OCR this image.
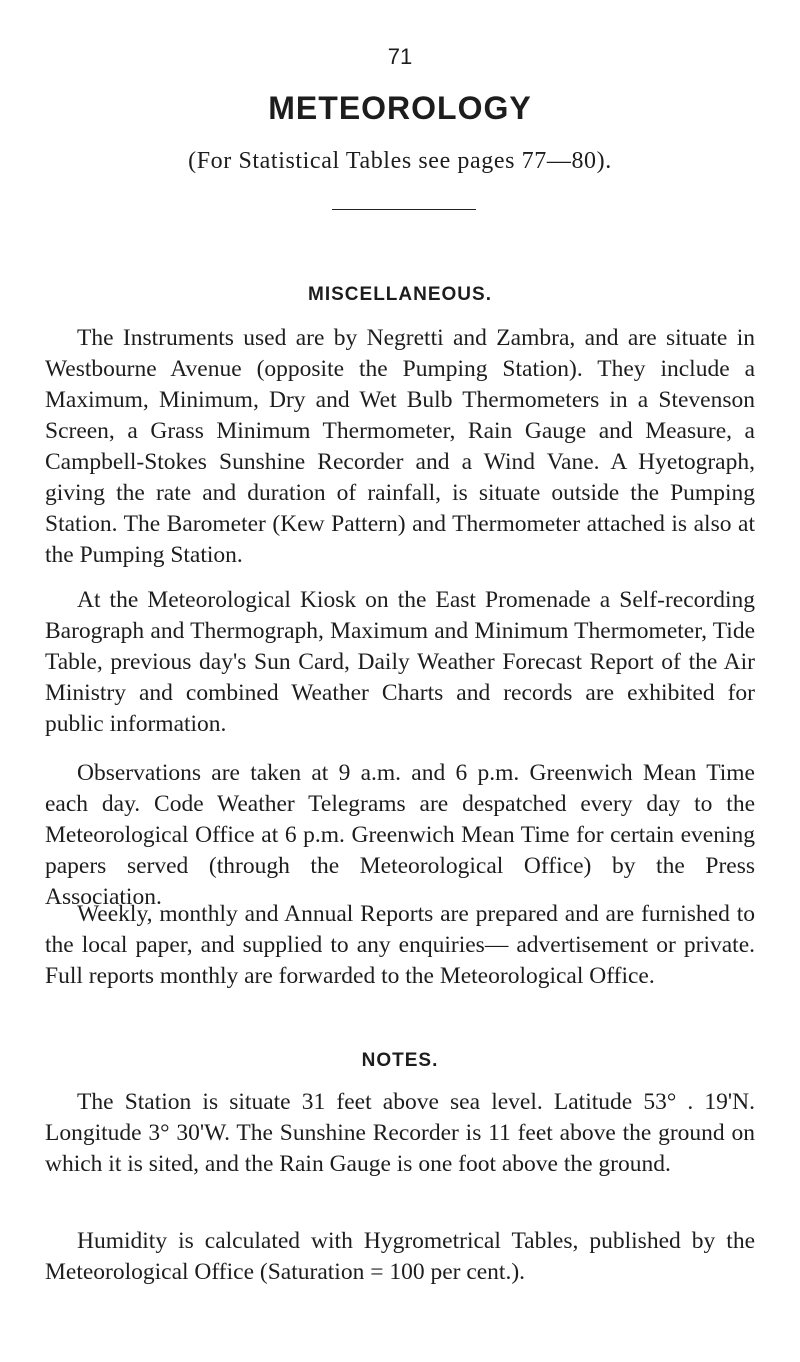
71
METEOROLOGY
(For Statistical Tables see pages 77—80).
MISCELLANEOUS.

The Instruments used are by Negretti and Zambra, and are situate in Westbourne Avenue (opposite the Pumping Station). They include a Maximum, Minimum, Dry and Wet Bulb Thermometers in a Stevenson Screen, a Grass Minimum Thermometer, Rain Gauge and Measure, a Campbell-Stokes Sunshine Recorder and a Wind Vane. A Hyetograph, giving the rate and duration of rainfall, is situate outside the Pumping Station. The Barometer (Kew Pattern) and Thermometer attached is also at the Pumping Station.

At the Meteorological Kiosk on the East Promenade a Self-recording Barograph and Thermograph, Maximum and Minimum Thermometer, Tide Table, previous day's Sun Card, Daily Weather Forecast Report of the Air Ministry and combined Weather Charts and records are exhibited for public information.

Observations are taken at 9 a.m. and 6 p.m. Greenwich Mean Time each day. Code Weather Telegrams are despatched every day to the Meteorological Office at 6 p.m. Greenwich Mean Time for certain evening papers served (through the Meteorological Office) by the Press Association.

Weekly, monthly and Annual Reports are prepared and are furnished to the local paper, and supplied to any enquiries— advertisement or private. Full reports monthly are forwarded to the Meteorological Office.

NOTES.

The Station is situate 31 feet above sea level. Latitude 53° . 19'N. Longitude 3° 30'W. The Sunshine Recorder is 11 feet above the ground on which it is sited, and the Rain Gauge is one foot above the ground.

Humidity is calculated with Hygrometrical Tables, published by the Meteorological Office (Saturation = 100 per cent.).
